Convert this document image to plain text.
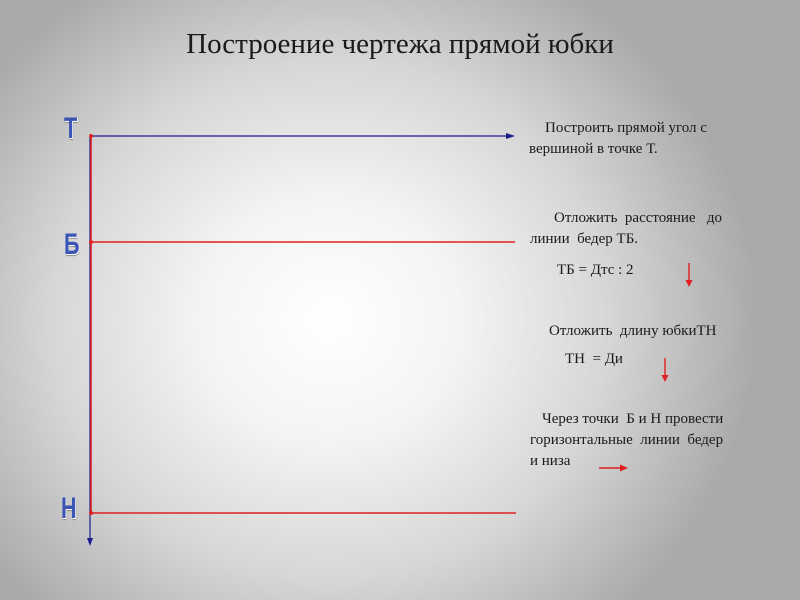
Построение чертежа прямой юбки
Т
Б
Н
Построить прямой угол с
вершиной в точке Т.
Отложить  расстояние   до
линии  бедер ТБ.
ТБ = Дтс : 2
Отложить  длину юбкиТН
ТН  = Ди
Через точки  Б и Н провести
горизонтальные  линии  бедер
и низа
